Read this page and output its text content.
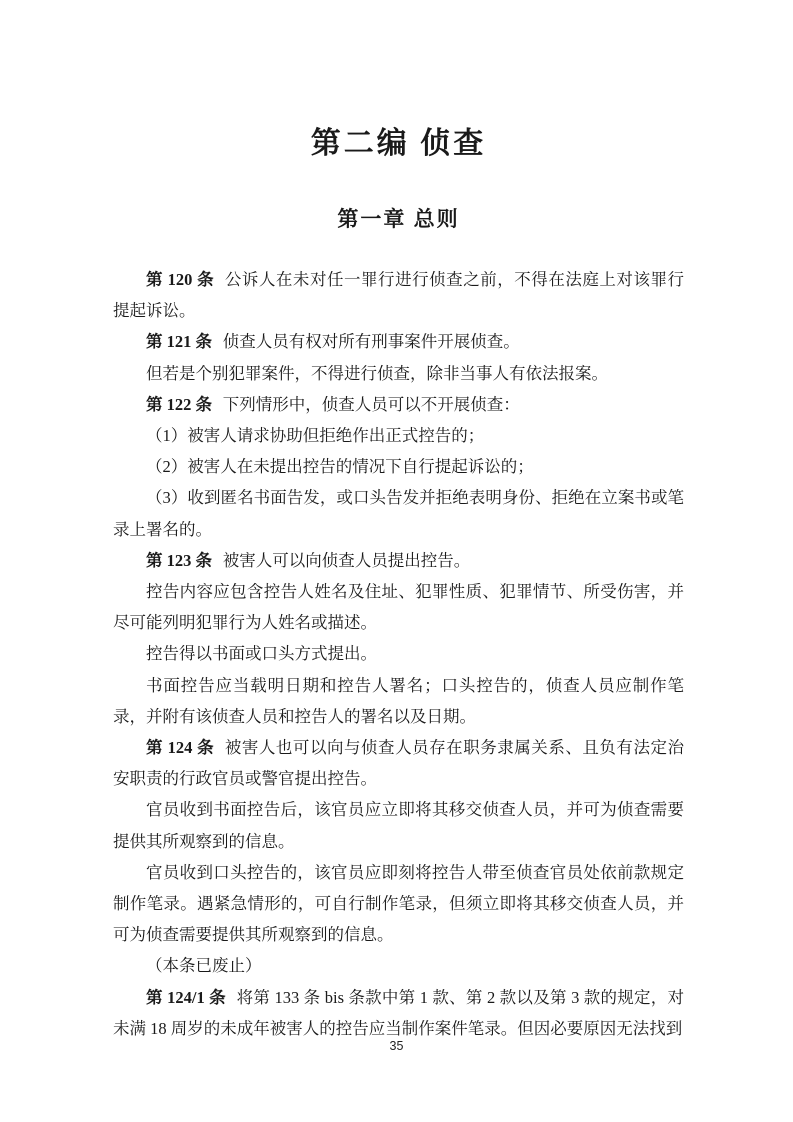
第二编 侦查
第一章 总则

第 120 条 公诉人在未对任一罪行进行侦查之前，不得在法庭上对该罪行提起诉讼。

第 121 条 侦查人员有权对所有刑事案件开展侦查。

但若是个别犯罪案件，不得进行侦查，除非当事人有依法报案。

第 122 条 下列情形中，侦查人员可以不开展侦查：

（1）被害人请求协助但拒绝作出正式控告的；

（2）被害人在未提出控告的情况下自行提起诉讼的；

（3）收到匿名书面告发，或口头告发并拒绝表明身份、拒绝在立案书或笔录上署名的。

第 123 条 被害人可以向侦查人员提出控告。

控告内容应包含控告人姓名及住址、犯罪性质、犯罪情节、所受伤害，并尽可能列明犯罪行为人姓名或描述。

控告得以书面或口头方式提出。

书面控告应当载明日期和控告人署名；口头控告的，侦查人员应制作笔录，并附有该侦查人员和控告人的署名以及日期。

第 124 条 被害人也可以向与侦查人员存在职务隶属关系、且负有法定治安职责的行政官员或警官提出控告。

官员收到书面控告后，该官员应立即将其移交侦查人员，并可为侦查需要提供其所观察到的信息。

官员收到口头控告的，该官员应即刻将控告人带至侦查官员处依前款规定制作笔录。遇紧急情形的，可自行制作笔录，但须立即将其移交侦查人员，并可为侦查需要提供其所观察到的信息。

（本条已废止）

第 124/1 条 将第 133 条 bis 条款中第 1 款、第 2 款以及第 3 款的规定，对未满 18 周岁的未成年被害人的控告应当制作案件笔录。但因必要原因无法找到

35
